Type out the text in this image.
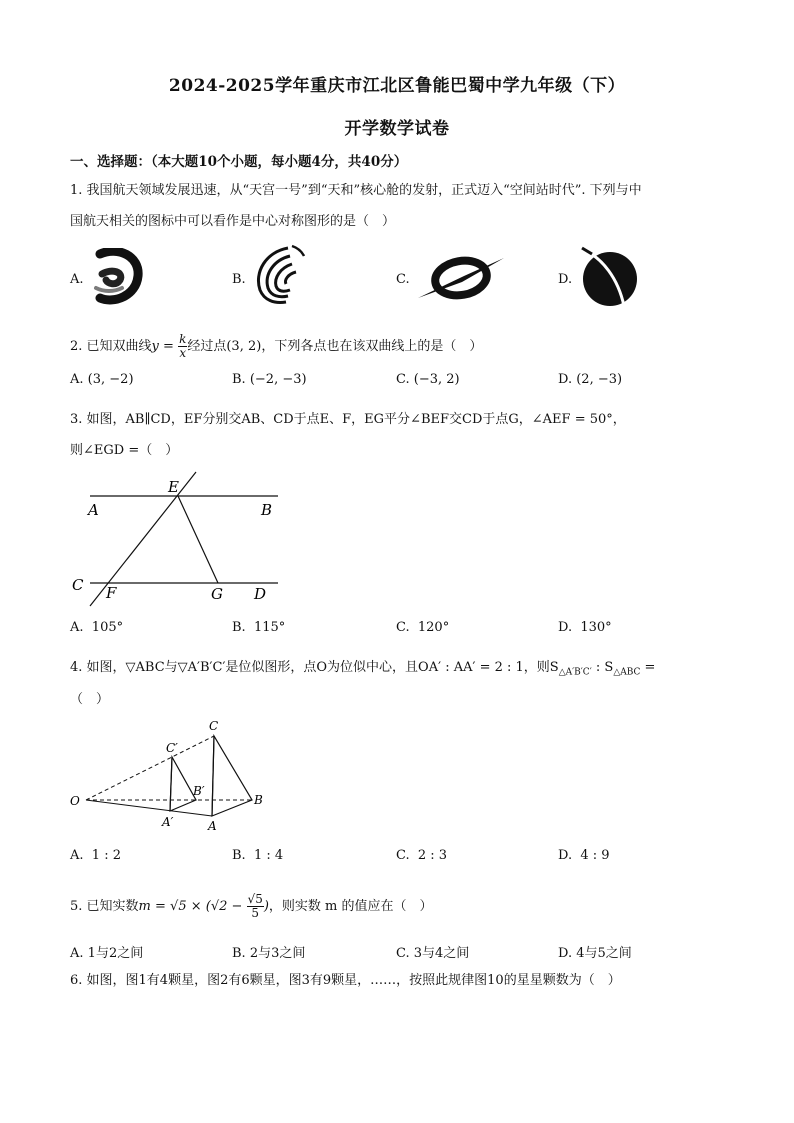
2024-2025学年重庆市江北区鲁能巴蜀中学九年级（下）
开学数学试卷
一、选择题：（本大题10个小题，每小题4分，共40分）
1. 我国航天领域发展迅速，从“天宫一号”到“天和”核心舱的发射，正式迈入“空间站时代”. 下列与中
国航天相关的图标中可以看作是中心对称图形的是（　）
A.	B.	C.	D.
2. 已知双曲线$y = \frac{k}{x}$ 经过点(3, 2)，下列各点也在该双曲线上的是（　）
A. (3, −2)	B. (−2, −3)	C. (−3, 2)	D. (2, −3)
3. 如图，AB∥CD，EF分别交AB、CD于点E、F，EG平分∠BEF交CD于点G，∠AEF = 50°，
则∠EGD =（　）
E
A	B
C F	G D
A. 105°	B. 115°	C. 120°	D. 130°
4. 如图，▽ABC与▽A′B′C′是位似图形，点O为位似中心，且OA′ : AA′ = 2 : 1，则$S_{\triangle A'B'C'}$ : $S_{\triangle ABC}$ =
（　）
O
A
B
C
A′
B′
C′
A. 1 : 2	B. 1 : 4	C. 2 : 3	D. 4 : 9
5. 已知实数$m = √5 \times (√2 - \frac{√5}{5}$ )，则实数 m 的值应在（　）
A. 1与2之间	B. 2与3之间	C. 3与4之间	D. 4与5之间
6. 如图，图1有4颗星，图2有6颗星，图3有9颗星，……，按照此规律图10的星星颗数为（　）
